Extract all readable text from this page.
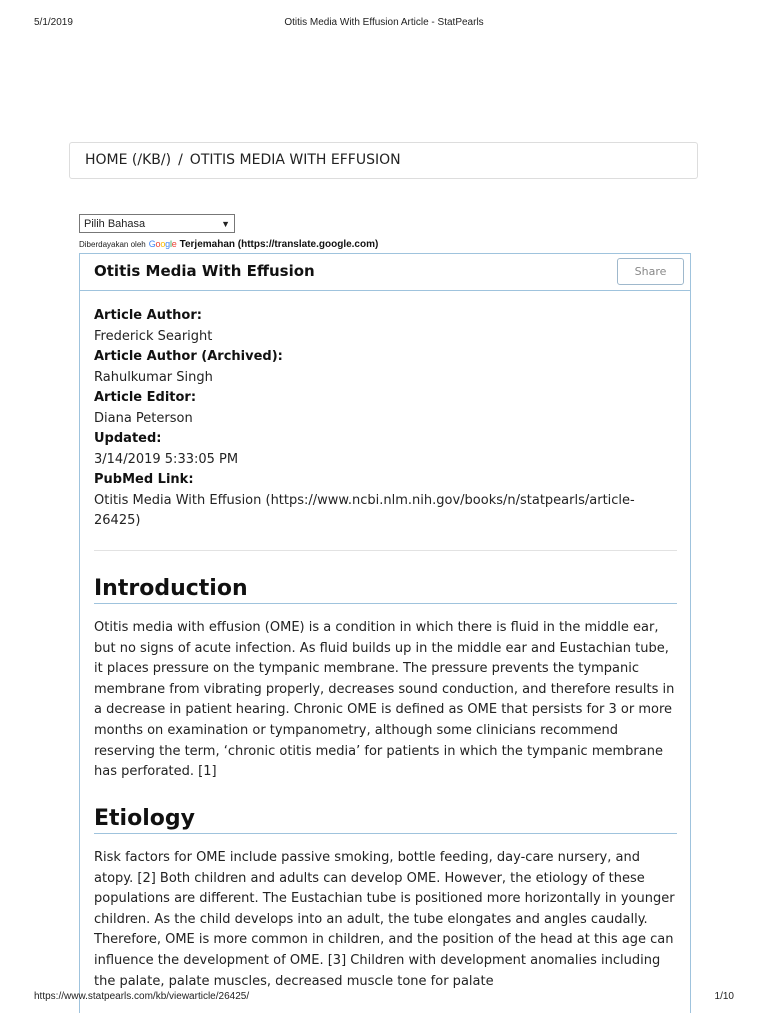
5/1/2019	Otitis Media With Effusion Article - StatPearls
HOME (/KB/) / OTITIS MEDIA WITH EFFUSION
Pilih Bahasa	▼
Diberdayakan oleh Google Terjemahan (https://translate.google.com)
Otitis Media With Effusion	Share
Article Author:
Frederick Searight
Article Author (Archived):
Rahulkumar Singh
Article Editor:
Diana Peterson
Updated:
3/14/2019 5:33:05 PM
PubMed Link:
Otitis Media With Effusion (https://www.ncbi.nlm.nih.gov/books/n/statpearls/article-26425)
Introduction
Otitis media with effusion (OME) is a condition in which there is fluid in the middle ear, but no signs of acute infection. As fluid builds up in the middle ear and Eustachian tube, it places pressure on the tympanic membrane. The pressure prevents the tympanic membrane from vibrating properly, decreases sound conduction, and therefore results in a decrease in patient hearing. Chronic OME is defined as OME that persists for 3 or more months on examination or tympanometry, although some clinicians recommend reserving the term, ‘chronic otitis media’ for patients in which the tympanic membrane has perforated. [1]
Etiology
Risk factors for OME include passive smoking, bottle feeding, day-care nursery, and atopy. [2] Both children and adults can develop OME. However, the etiology of these populations are different. The Eustachian tube is positioned more horizontally in younger children. As the child develops into an adult, the tube elongates and angles caudally. Therefore, OME is more common in children, and the position of the head at this age can influence the development of OME. [3] Children with development anomalies including the palate, palate muscles, decreased muscle tone for palate
https://www.statpearls.com/kb/viewarticle/26425/	1/10
